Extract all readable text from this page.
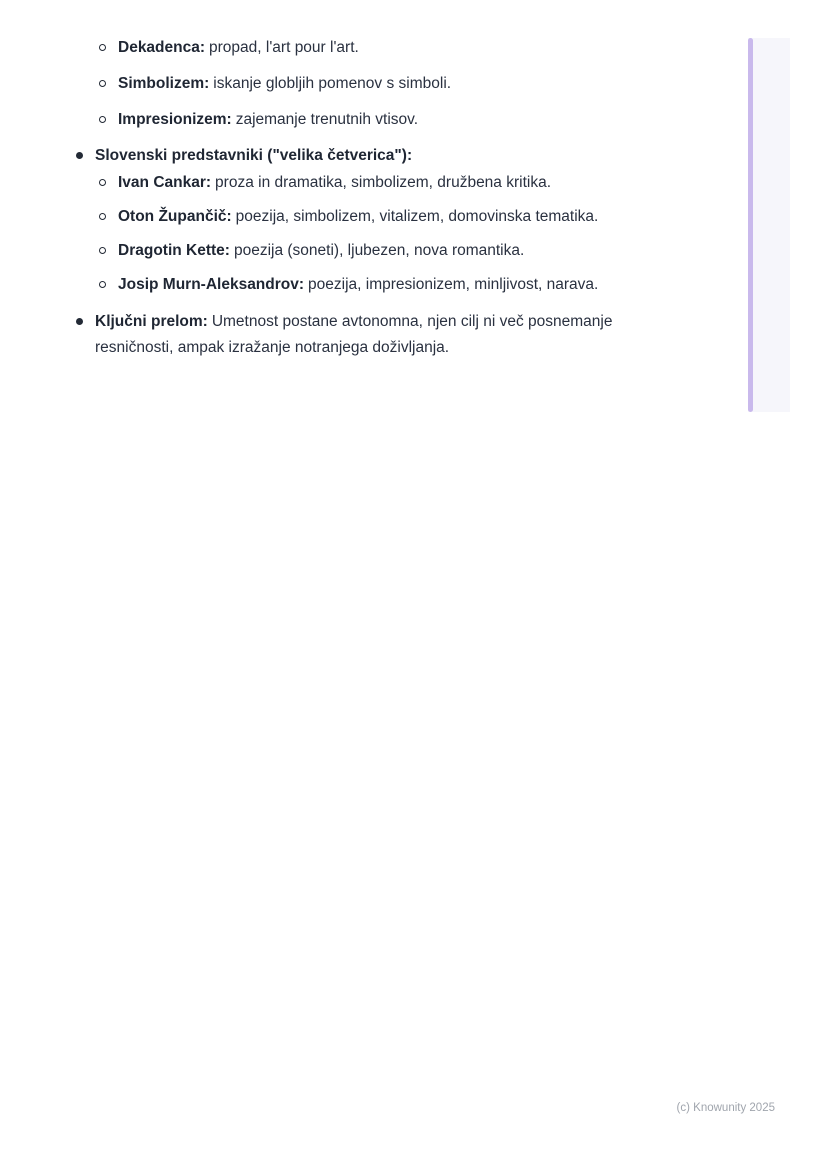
Dekadenca: propad, l'art pour l'art.

Simbolizem: iskanje globljih pomenov s simboli.

Impresionizem: zajemanje trenutnih vtisov.

Slovenski predstavniki ("velika četverica"):

Ivan Cankar: proza in dramatika, simbolizem, družbena kritika.

Oton Župančič: poezija, simbolizem, vitalizem, domovinska tematika.

Dragotin Kette: poezija (soneti), ljubezen, nova romantika.

Josip Murn-Aleksandrov: poezija, impresionizem, minljivost, narava.

Ključni prelom: Umetnost postane avtonomna, njen cilj ni več posnemanje resničnosti, ampak izražanje notranjega doživljanja.

(c) Knowunity 2025
